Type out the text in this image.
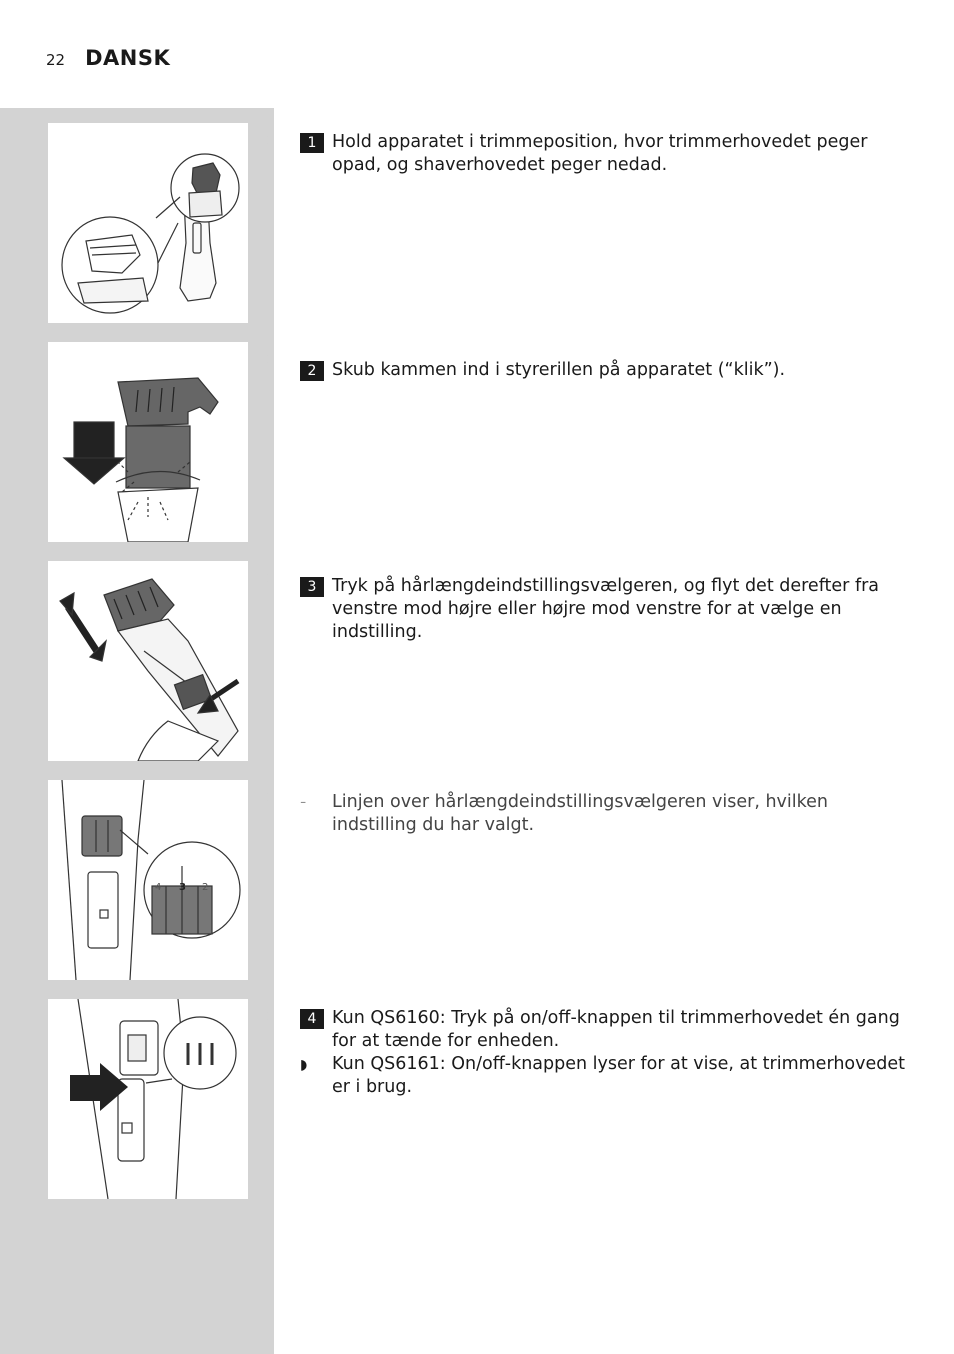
22 DANSK
4 3 2
1 Hold apparatet i trimmeposition, hvor trimmerhovedet peger opad, og shaverhovedet peger nedad.
2 Skub kammen ind i styrerillen på apparatet (“klik”).
3 Tryk på hårlængdeindstillingsvælgeren, og flyt det derefter fra venstre mod højre eller højre mod venstre for at vælge en indstilling.
-	Linjen over hårlængdeindstillingsvælgeren viser, hvilken indstilling du har valgt.
4 Kun QS6160: Tryk på on/off-knappen til trimmerhovedet én gang for at tænde for enheden.
◗	Kun QS6161: On/off-knappen lyser for at vise, at trimmerhovedet er i brug.
